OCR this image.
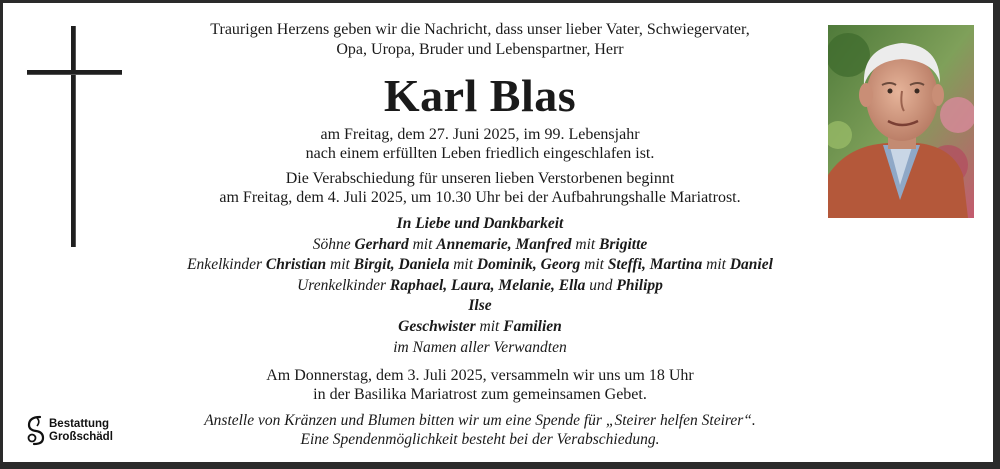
Traurigen Herzens geben wir die Nachricht, dass unser lieber Vater, Schwiegervater,
Opa, Uropa, Bruder und Lebenspartner, Herr
Karl Blas
am Freitag, dem 27. Juni 2025, im 99. Lebensjahr
nach einem erfüllten Leben friedlich eingeschlafen ist.
Die Verabschiedung für unseren lieben Verstorbenen beginnt
am Freitag, dem 4. Juli 2025, um 10.30 Uhr bei der Aufbahrungshalle Mariatrost.
In Liebe und Dankbarkeit
Söhne Gerhard mit Annemarie, Manfred mit Brigitte
Enkelkinder Christian mit Birgit, Daniela mit Dominik, Georg mit Steffi, Martina mit Daniel
Urenkelkinder Raphael, Laura, Melanie, Ella und Philipp
Ilse
Geschwister mit Familien
im Namen aller Verwandten
Am Donnerstag, dem 3. Juli 2025, versammeln wir uns um 18 Uhr
in der Basilika Mariatrost zum gemeinsamen Gebet.
Anstelle von Kränzen und Blumen bitten wir um eine Spende für „Steirer helfen Steirer“.
Eine Spendenmöglichkeit besteht bei der Verabschiedung.
Bestattung
Großschädl
